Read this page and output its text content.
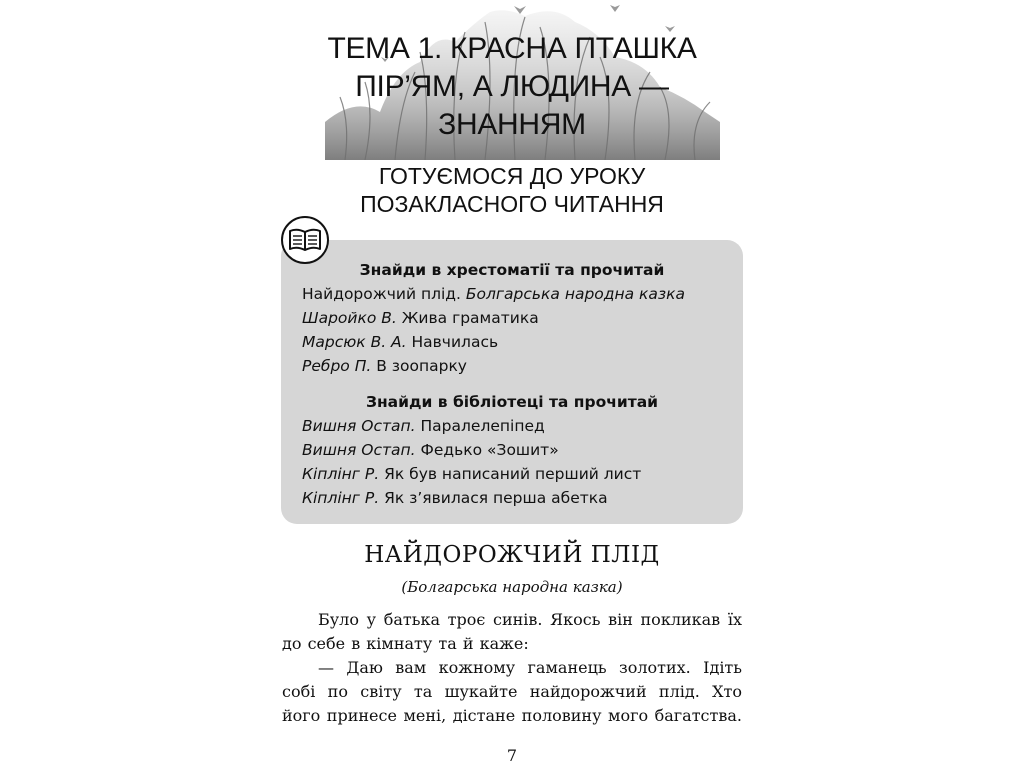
ТЕМА 1. КРАСНА ПТАШКА
ПІР’ЯМ, А ЛЮДИНА —
ЗНАННЯМ
ГОТУЄМОСЯ ДО УРОКУ
ПОЗАКЛАСНОГО ЧИТАННЯ
Знайди в хрестоматії та прочитай
Найдорожчий плід. Болгарська народна казка
Шаройко В. Жива граматика
Марсюк В. А. Навчилась
Ребро П. В зоопарку
Знайди в бібліотеці та прочитай
Вишня Остап. Паралелепіпед
Вишня Остап. Федько «Зошит»
Кіплінг Р. Як був написаний перший лист
Кіплінг Р. Як з’явилася перша абетка
НАЙДОРОЖЧИЙ ПЛІД
(Болгарська народна казка)

Було у батька троє синів. Якось він покликав їх до себе в кімнату та й каже:

— Даю вам кожному гаманець золотих. Ідіть собі по світу та шукайте найдорожчий плід. Хто його принесе мені, дістане половину мого багатства.

7
